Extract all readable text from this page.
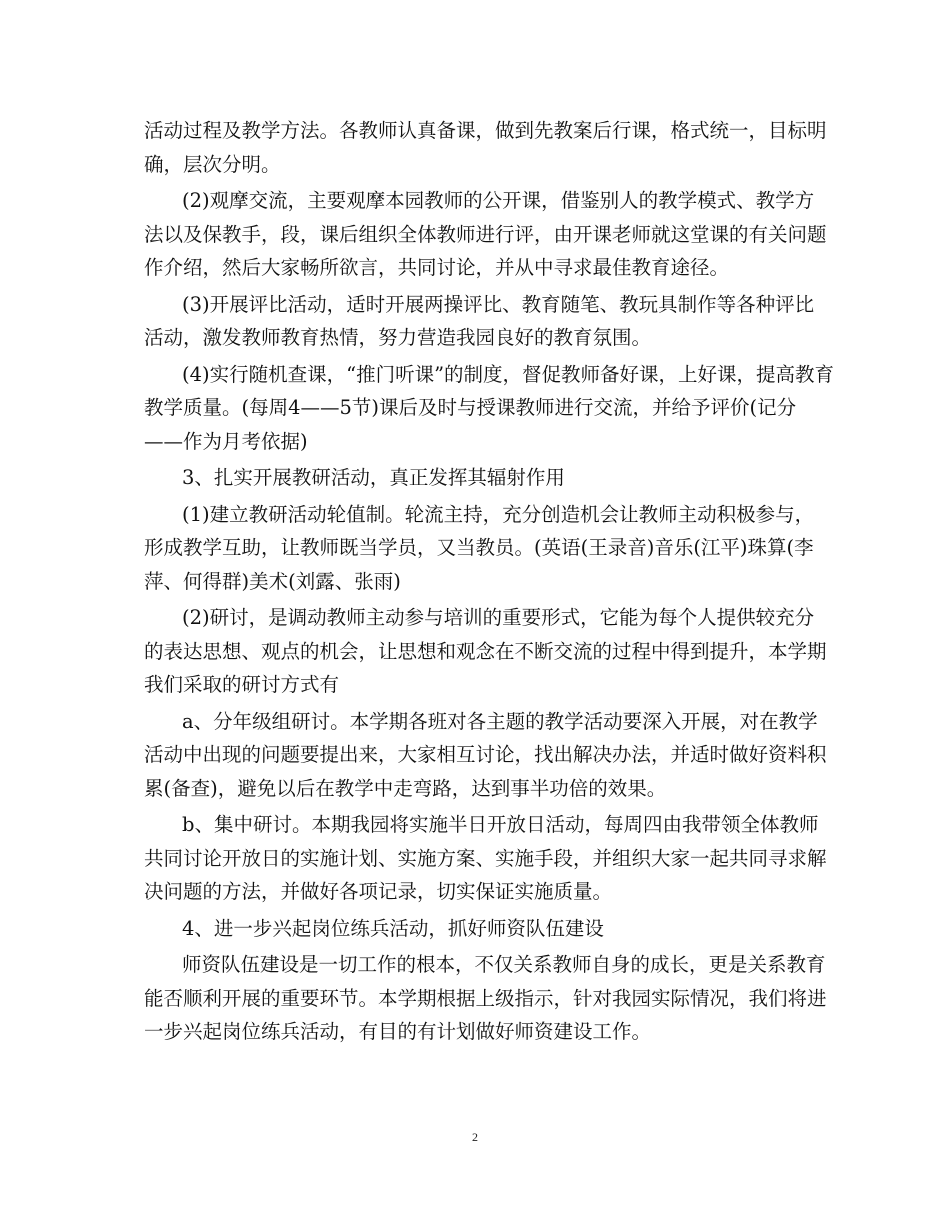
活动过程及教学方法。各教师认真备课，做到先教案后行课，格式统一，目标明
确，层次分明。
(2)观摩交流，主要观摩本园教师的公开课，借鉴别人的教学模式、教学方
法以及保教手，段，课后组织全体教师进行评，由开课老师就这堂课的有关问题
作介绍，然后大家畅所欲言，共同讨论，并从中寻求最佳教育途径。
(3)开展评比活动，适时开展两操评比、教育随笔、教玩具制作等各种评比
活动，激发教师教育热情，努力营造我园良好的教育氛围。
(4)实行随机查课，“推门听课”的制度，督促教师备好课，上好课，提高教育
教学质量。(每周4——5节)课后及时与授课教师进行交流，并给予评价(记分
——作为月考依据)
3、扎实开展教研活动，真正发挥其辐射作用
(1)建立教研活动轮值制。轮流主持，充分创造机会让教师主动积极参与，
形成教学互助，让教师既当学员，又当教员。(英语(王录音)音乐(江平)珠算(李
萍、何得群)美术(刘露、张雨)
(2)研讨，是调动教师主动参与培训的重要形式，它能为每个人提供较充分
的表达思想、观点的机会，让思想和观念在不断交流的过程中得到提升，本学期
我们采取的研讨方式有
a、分年级组研讨。本学期各班对各主题的教学活动要深入开展，对在教学
活动中出现的问题要提出来，大家相互讨论，找出解决办法，并适时做好资料积
累(备查)，避免以后在教学中走弯路，达到事半功倍的效果。
b、集中研讨。本期我园将实施半日开放日活动，每周四由我带领全体教师
共同讨论开放日的实施计划、实施方案、实施手段，并组织大家一起共同寻求解
决问题的方法，并做好各项记录，切实保证实施质量。
4、进一步兴起岗位练兵活动，抓好师资队伍建设
师资队伍建设是一切工作的根本，不仅关系教师自身的成长，更是关系教育
能否顺利开展的重要环节。本学期根据上级指示，针对我园实际情况，我们将进
一步兴起岗位练兵活动，有目的有计划做好师资建设工作。
2
